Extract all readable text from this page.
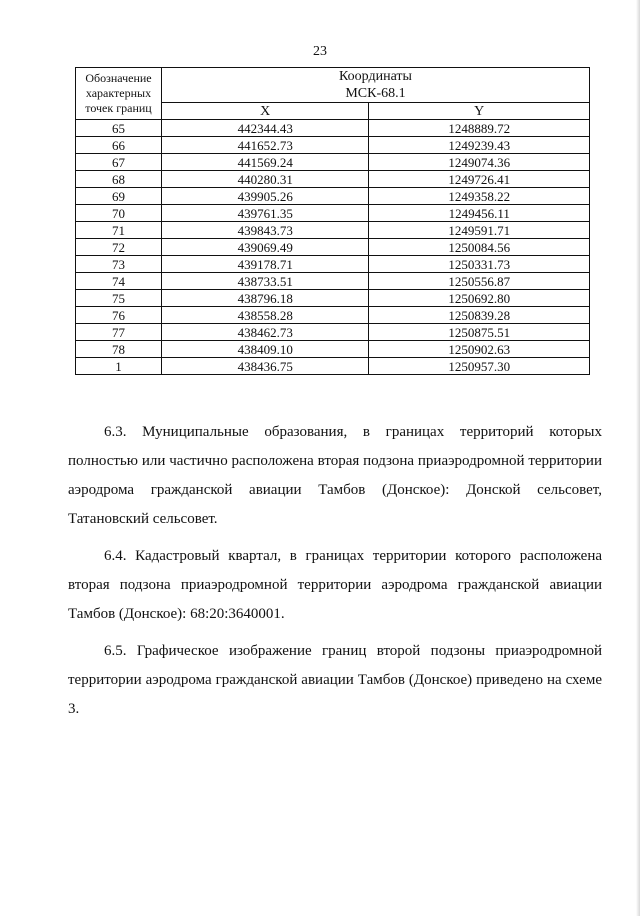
23
Обозначение характерных точек границ	Координаты
МСК-68.1	

	X	Y
65	442344.43	1248889.72
66	441652.73	1249239.43
67	441569.24	1249074.36
68	440280.31	1249726.41
69	439905.26	1249358.22
70	439761.35	1249456.11
71	439843.73	1249591.71
72	439069.49	1250084.56
73	439178.71	1250331.73
74	438733.51	1250556.87
75	438796.18	1250692.80
76	438558.28	1250839.28
77	438462.73	1250875.51
78	438409.10	1250902.63
1	438436.75	1250957.30

6.3. Муниципальные образования, в границах территорий которых полностью или частично расположена вторая подзона приаэродромной территории аэродрома гражданской авиации Тамбов (Донское): Донской сельсовет, Татановский сельсовет.

6.4. Кадастровый квартал, в границах территории которого расположена вторая подзона приаэродромной территории аэродрома гражданской авиации Тамбов (Донское): 68:20:3640001.

6.5. Графическое изображение границ второй подзоны приаэродромной территории аэродрома гражданской авиации Тамбов (Донское) приведено на схеме 3.
